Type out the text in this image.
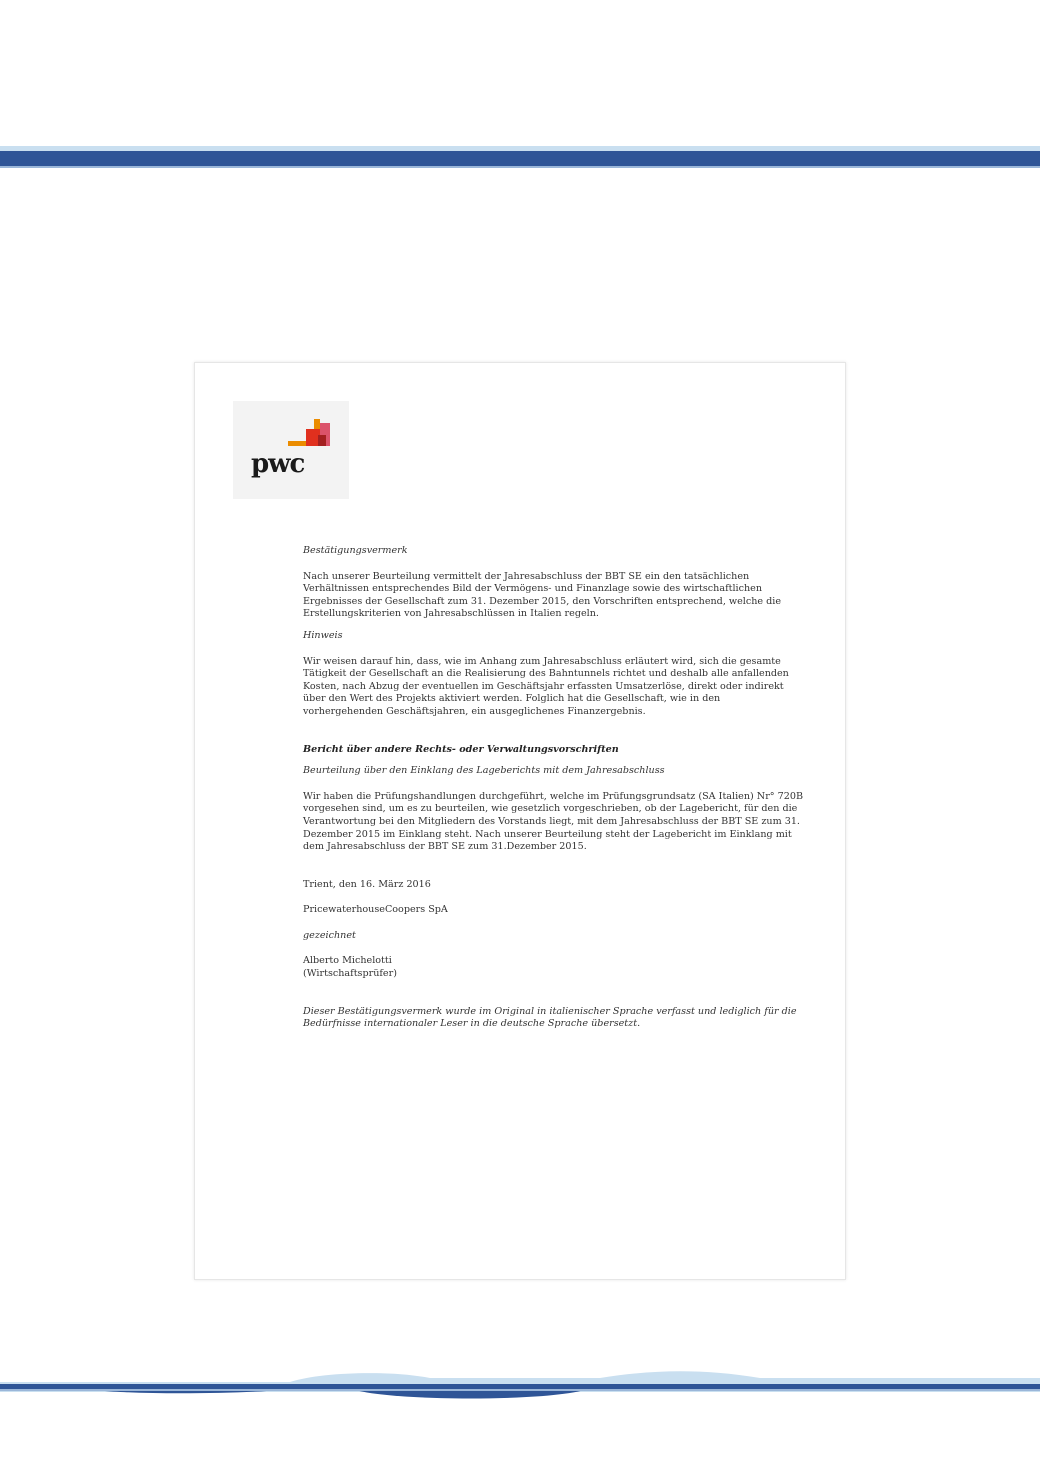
pwc

Bestätigungsvermerk

Nach unserer Beurteilung vermittelt der Jahresabschluss der BBT SE ein den tatsächlichen Verhältnissen entsprechendes Bild der Vermögens- und Finanzlage sowie des wirtschaftlichen Ergebnisses der Gesellschaft zum 31. Dezember 2015, den Vorschriften entsprechend, welche die Erstellungskriterien von Jahresabschlüssen in Italien regeln.

Hinweis

Wir weisen darauf hin, dass, wie im Anhang zum Jahresabschluss erläutert wird, sich die gesamte Tätigkeit der Gesellschaft an die Realisierung des Bahntunnels richtet und deshalb alle anfallenden Kosten, nach Abzug der eventuellen im Geschäftsjahr erfassten Umsatzerlöse, direkt oder indirekt über den Wert des Projekts aktiviert werden. Folglich hat die Gesellschaft, wie in den vorhergehenden Geschäftsjahren, ein ausgeglichenes Finanzergebnis.

Bericht über andere Rechts- oder Verwaltungsvorschriften

Beurteilung über den Einklang des Lageberichts mit dem Jahresabschluss

Wir haben die Prüfungshandlungen durchgeführt, welche im Prüfungsgrundsatz (SA Italien) Nr° 720B vorgesehen sind, um es zu beurteilen, wie gesetzlich vorgeschrieben, ob der Lagebericht, für den die Verantwortung bei den Mitgliedern des Vorstands liegt, mit dem Jahresabschluss der BBT SE zum 31. Dezember 2015 im Einklang steht. Nach unserer Beurteilung steht der Lagebericht im Einklang mit dem Jahresabschluss der BBT SE zum 31.Dezember 2015.

Trient, den 16. März 2016

PricewaterhouseCoopers SpA

gezeichnet

Alberto Michelotti

(Wirtschaftsprüfer)

Dieser Bestätigungsvermerk wurde im Original in italienischer Sprache verfasst und lediglich für die Bedürfnisse internationaler Leser in die deutsche Sprache übersetzt.
